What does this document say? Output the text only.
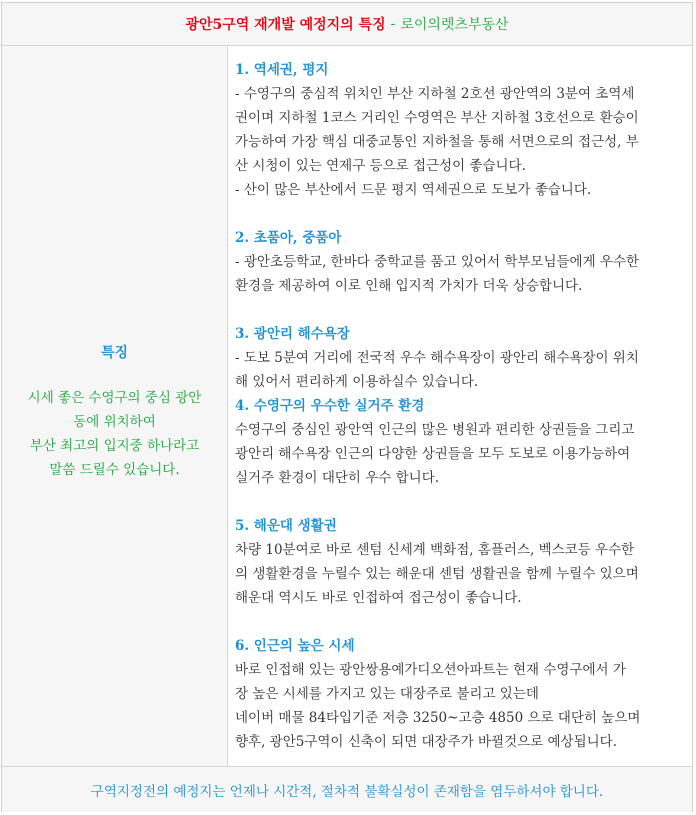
광안5구역 재개발 예정지의 특징 - 로이의렛츠부동산
특징
시세 좋은 수영구의 중심 광안
동에 위치하여
부산 최고의 입지중 하나라고
말씀 드릴수 있습니다.
구역지정전의 예정지는 언제나 시간적, 절차적 불확실성이 존재함을 염두하셔야 합니다.

1. 역세권, 평지

- 수영구의 중심적 위치인 부산 지하철 2호선 광안역의 3분여 초역세

권이며 지하철 1코스 거리인 수영역은 부산 지하철 3호선으로 환승이

가능하여 가장 핵심 대중교통인 지하철을 통해 서면으로의 접근성, 부

산 시청이 있는 연제구 등으로 접근성이 좋습니다.

- 산이 많은 부산에서 드문 평지 역세권으로 도보가 좋습니다.

2. 초품아, 중품아

- 광안초등학교, 한바다 중학교를 품고 있어서 학부모님들에게 우수한

환경을 제공하여 이로 인해 입지적 가치가 더욱 상승합니다.

3. 광안리 해수욕장

- 도보 5분여 거리에 전국적 우수 해수욕장이 광안리 해수욕장이 위치

해 있어서 편리하게 이용하실수 있습니다.

4. 수영구의 우수한 실거주 환경

수영구의 중심인 광안역 인근의 많은 병원과 편리한 상권들을 그리고

광안리 해수욕장 인근의 다양한 상권들을 모두 도보로 이용가능하여

실거주 환경이 대단히 우수 합니다.

5. 해운대 생활권

차량 10분여로 바로 센텀 신세계 백화점, 홈플러스, 벡스코등 우수한

의 생활환경을 누릴수 있는 해운대 센텀 생활권을 함께 누릴수 있으며

해운대 역시도 바로 인접하여 접근성이 좋습니다.

6. 인근의 높은 시세

바로 인접해 있는 광안쌍용예가디오션아파트는 현재 수영구에서 가

장 높은 시세를 가지고 있는 대장주로 불리고 있는데

네이버 매물 84타입기준 저층 3250~고층 4850 으로 대단히 높으며

향후, 광안5구역이 신축이 되면 대장주가 바뀔것으로 예상됩니다.
